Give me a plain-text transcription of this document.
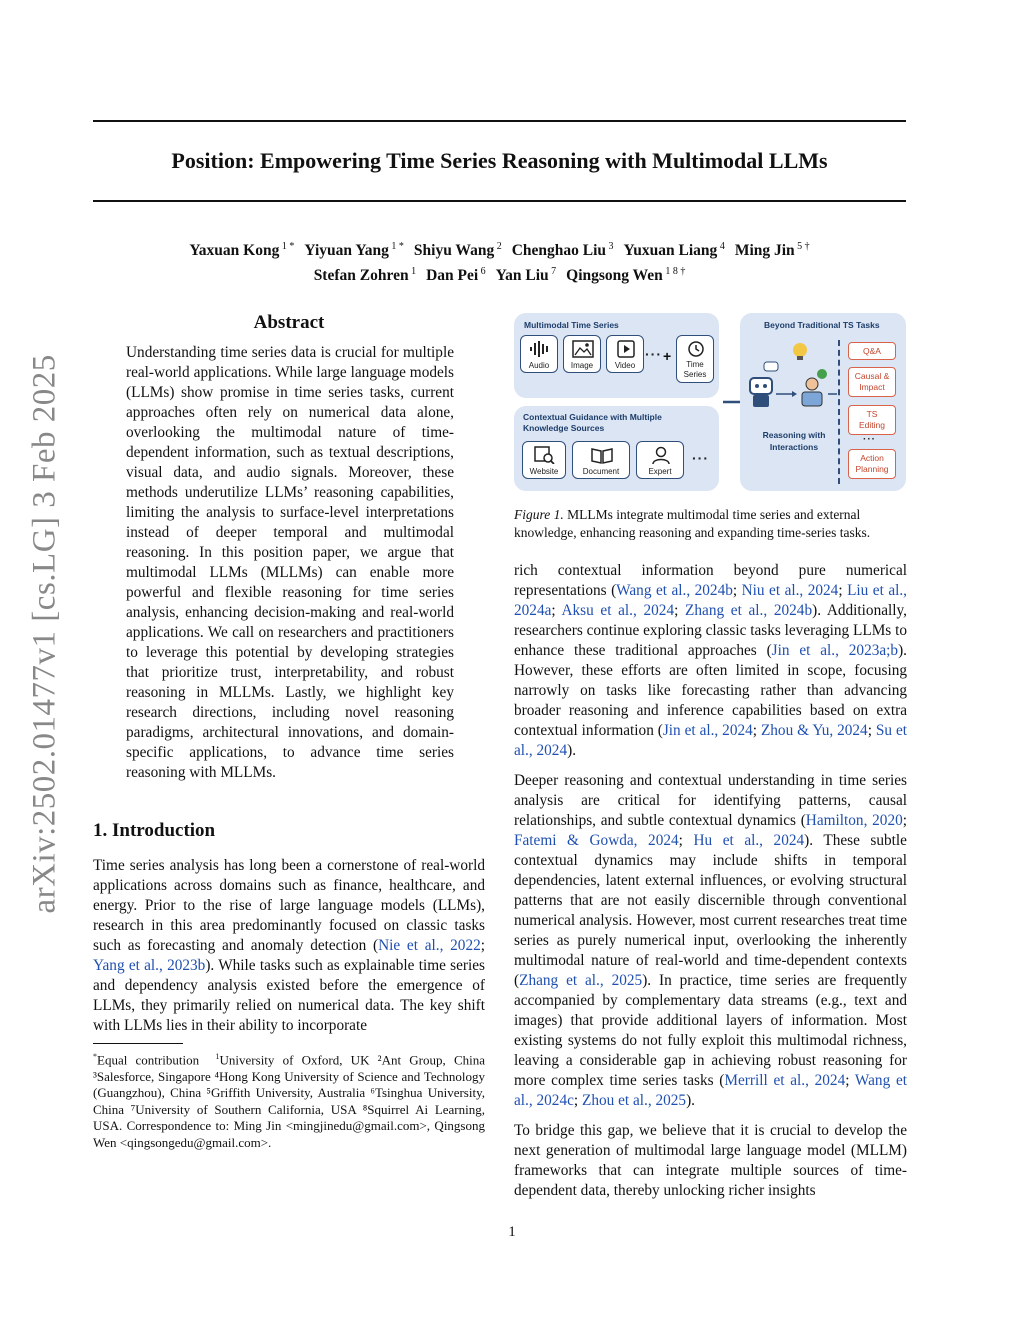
Position: Empowering Time Series Reasoning with Multimodal LLMs
Yaxuan Kong $^{1 *}$ Yiyuan Yang $^{1 *}$ Shiyu Wang $^2$ Chenghao Liu $^3$ Yuxuan Liang $^4$ Ming Jin $^{5 \dagger}$
Stefan Zohren $^1$ Dan Pei $^6$ Yan Liu $^7$ Qingsong Wen $^{1 8 \dagger}$
arXiv:2502.01477v1 [cs.LG] 3 Feb 2025
Abstract
Understanding time series data is crucial for multiple real-world applications. While large language models (LLMs) show promise in time series tasks, current approaches often rely on numerical data alone, overlooking the multimodal nature of time-dependent information, such as textual descriptions, visual data, and audio signals. Moreover, these methods underutilize LLMs’ reasoning capabilities, limiting the analysis to surface-level interpretations instead of deeper temporal and multimodal reasoning. In this position paper, we argue that multimodal LLMs (MLLMs) can enable more powerful and flexible reasoning for time series analysis, enhancing decision-making and real-world applications. We call on researchers and practitioners to leverage this potential by developing strategies that prioritize trust, interpretability, and robust reasoning in MLLMs. Lastly, we highlight key research directions, including novel reasoning paradigms, architectural innovations, and domain-specific applications, to advance time series reasoning with MLLMs.
1. Introduction
Time series analysis has long been a cornerstone of real-world applications across domains such as finance, healthcare, and energy. Prior to the rise of large language models (LLMs), research in this area predominantly focused on classic tasks such as forecasting and anomaly detection (Nie et al., 2022; Yang et al., 2023b). While tasks such as explainable time series and dependency analysis existed before the emergence of LLMs, they primarily relied on numerical data. The key shift with LLMs lies in their ability to incorporate
*Equal contribution $^1$University of Oxford, UK ²Ant Group, China ³Salesforce, Singapore ⁴Hong Kong University of Science and Technology (Guangzhou), China ⁵Griffith University, Australia ⁶Tsinghua University, China ⁷University of Southern California, USA ⁸Squirrel Ai Learning, USA. Correspondence to: Ming Jin <mingjinedu@gmail.com>, Qingsong Wen <qingsongedu@gmail.com>.
Multimodal Time Series
Audio	Image	Video
··· +
Time Series
Contextual Guidance with Multiple Knowledge Sources
Website	Document	Expert
···
Beyond Traditional TS Tasks
Reasoning with Interactions
Q&A
Causal & Impact
TS Editing
···
Action Planning
Figure 1. MLLMs integrate multimodal time series and external knowledge, enhancing reasoning and expanding time-series tasks.
rich contextual information beyond pure numerical representations (Wang et al., 2024b; Niu et al., 2024; Liu et al., 2024a; Aksu et al., 2024; Zhang et al., 2024b). Additionally, researchers continue exploring classic tasks leveraging LLMs to enhance these traditional approaches (Jin et al., 2023a;b). However, these efforts are often limited in scope, focusing narrowly on tasks like forecasting rather than advancing broader reasoning and inference capabilities based on extra contextual information (Jin et al., 2024; Zhou & Yu, 2024; Su et al., 2024).
Deeper reasoning and contextual understanding in time series analysis are critical for identifying patterns, causal relationships, and subtle contextual dynamics (Hamilton, 2020; Fatemi & Gowda, 2024; Hu et al., 2024). These subtle contextual dynamics may include shifts in temporal dependencies, latent external influences, or evolving structural patterns that are not easily discernible through conventional numerical analysis. However, most current researches treat time series as purely numerical input, overlooking the inherently multimodal nature of real-world and time-dependent contexts (Zhang et al., 2025). In practice, time series are frequently accompanied by complementary data streams (e.g., text and images) that provide additional layers of information. Most existing systems do not fully exploit this multimodal richness, leaving a considerable gap in achieving robust reasoning for more complex time series tasks (Merrill et al., 2024; Wang et al., 2024c; Zhou et al., 2025).
To bridge this gap, we believe that it is crucial to develop the next generation of multimodal large language model (MLLM) frameworks that can integrate multiple sources of time-dependent data, thereby unlocking richer insights
1
